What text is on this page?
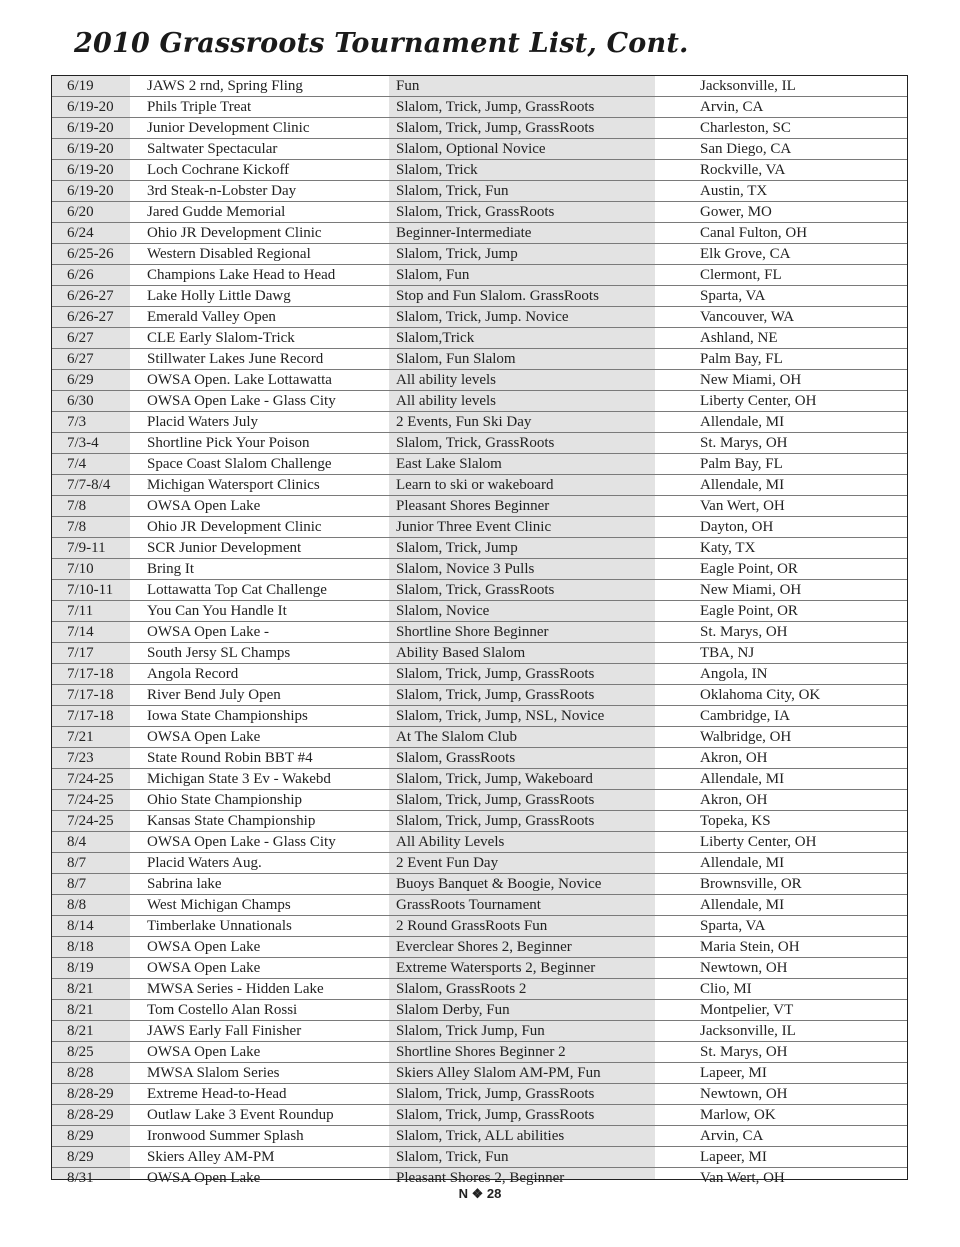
2010 Grassroots Tournament List, Cont.
6/19	JAWS 2 rnd, Spring Fling	Fun	Jacksonville, IL
6/19-20	Phils Triple Treat	Slalom, Trick, Jump, GrassRoots	Arvin, CA
6/19-20	Junior Development Clinic	Slalom, Trick, Jump, GrassRoots	Charleston, SC
6/19-20	Saltwater Spectacular	Slalom, Optional Novice	San Diego, CA
6/19-20	Loch Cochrane Kickoff	Slalom, Trick	Rockville, VA
6/19-20	3rd Steak-n-Lobster Day	Slalom, Trick, Fun	Austin, TX
6/20	Jared Gudde Memorial	Slalom, Trick, GrassRoots	Gower, MO
6/24	Ohio JR Development Clinic	Beginner-Intermediate	Canal Fulton, OH
6/25-26	Western Disabled Regional	Slalom, Trick, Jump	Elk Grove, CA
6/26	Champions Lake Head to Head	Slalom, Fun	Clermont, FL
6/26-27	Lake Holly Little Dawg	Stop and Fun Slalom. GrassRoots	Sparta, VA
6/26-27	Emerald Valley Open	Slalom, Trick, Jump. Novice	Vancouver, WA
6/27	CLE Early Slalom-Trick	Slalom,Trick	Ashland, NE
6/27	Stillwater Lakes June Record	Slalom, Fun Slalom	Palm Bay, FL
6/29	OWSA Open. Lake Lottawatta	All ability levels	New Miami, OH
6/30	OWSA Open Lake - Glass City	All ability levels	Liberty Center, OH
7/3	Placid Waters July	2 Events, Fun Ski Day	Allendale, MI
7/3-4	Shortline Pick Your Poison	Slalom, Trick, GrassRoots	St. Marys, OH
7/4	Space Coast Slalom Challenge	East Lake Slalom	Palm Bay, FL
7/7-8/4	Michigan Watersport Clinics	Learn to ski or wakeboard	Allendale, MI
7/8	OWSA Open Lake	Pleasant Shores Beginner	Van Wert, OH
7/8	Ohio JR Development Clinic	Junior Three Event Clinic	Dayton, OH
7/9-11	SCR Junior Development	Slalom, Trick, Jump	Katy, TX
7/10	Bring It	Slalom, Novice 3 Pulls	Eagle Point, OR
7/10-11	Lottawatta Top Cat Challenge	Slalom, Trick, GrassRoots	New Miami, OH
7/11	You Can You Handle It	Slalom, Novice	Eagle Point, OR
7/14	OWSA Open Lake -	Shortline Shore Beginner	St. Marys, OH
7/17	South Jersy SL Champs	Ability Based Slalom	TBA, NJ
7/17-18	Angola Record	Slalom, Trick, Jump, GrassRoots	Angola, IN
7/17-18	River Bend July Open	Slalom, Trick, Jump, GrassRoots	Oklahoma City, OK
7/17-18	Iowa State Championships	Slalom, Trick, Jump, NSL, Novice	Cambridge, IA
7/21	OWSA Open Lake	At The Slalom Club	Walbridge, OH
7/23	State Round Robin BBT #4	Slalom, GrassRoots	Akron, OH
7/24-25	Michigan State 3 Ev - Wakebd	Slalom, Trick, Jump, Wakeboard	Allendale, MI
7/24-25	Ohio State Championship	Slalom, Trick, Jump, GrassRoots	Akron, OH
7/24-25	Kansas State Championship	Slalom, Trick, Jump, GrassRoots	Topeka, KS
8/4	OWSA Open Lake - Glass City	All Ability Levels	Liberty Center, OH
8/7	Placid Waters Aug.	2 Event Fun Day	Allendale, MI
8/7	Sabrina lake	Buoys Banquet & Boogie, Novice	Brownsville, OR
8/8	West Michigan Champs	GrassRoots Tournament	Allendale, MI
8/14	Timberlake Unnationals	2 Round GrassRoots Fun	Sparta, VA
8/18	OWSA Open Lake	Everclear Shores 2, Beginner	Maria Stein, OH
8/19	OWSA Open Lake	Extreme Watersports 2, Beginner	Newtown, OH
8/21	MWSA Series - Hidden Lake	Slalom, GrassRoots 2	Clio, MI
8/21	Tom Costello Alan Rossi	Slalom Derby, Fun	Montpelier, VT
8/21	JAWS Early Fall Finisher	Slalom, Trick Jump, Fun	Jacksonville, IL
8/25	OWSA Open Lake	Shortline Shores Beginner 2	St. Marys, OH
8/28	MWSA Slalom Series	Skiers Alley Slalom AM-PM, Fun	Lapeer, MI
8/28-29	Extreme Head-to-Head	Slalom, Trick, Jump, GrassRoots	Newtown, OH
8/28-29	Outlaw Lake 3 Event Roundup	Slalom, Trick, Jump, GrassRoots	Marlow, OK
8/29	Ironwood Summer Splash	Slalom, Trick, ALL abilities	Arvin, CA
8/29	Skiers Alley AM-PM	Slalom, Trick, Fun	Lapeer, MI
8/31	OWSA Open Lake	Pleasant Shores 2, Beginner	Van Wert, OH
N ❖ 28
